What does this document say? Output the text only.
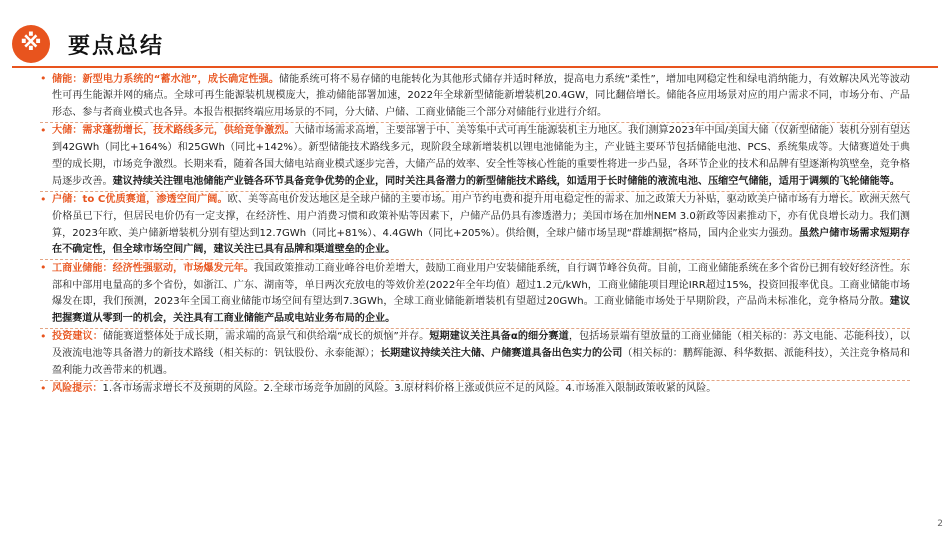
※	要点总结
• 储能：新型电力系统的“蓄水池”，成长确定性强。储能系统可将不易存储的电能转化为其他形式储存并适时释放，提高电力系统“柔性”，增加电网稳定性和绿电消纳能力，有效解决风光等波动性可再生能源并网的痛点。全球可再生能源装机规模庞大，推动储能部署加速，2022年全球新型储能新增装机20.4GW，同比翻倍增长。储能各应用场景对应的用户需求不同，市场分布、产品形态、参与者商业模式也各异。本报告根据终端应用场景的不同，分大储、户储、工商业储能三个部分对储能行业进行介绍。
• 大储：需求蓬勃增长，技术路线多元，供给竞争激烈。大储市场需求高增，主要部署于中、美等集中式可再生能源装机主力地区。我们测算2023年中国/美国大储（仅新型储能）装机分别有望达到42GWh（同比+164%）和25GWh（同比+142%）。新型储能技术路线多元，现阶段全球新增装机以锂电池储能为主，产业链主要环节包括储能电池、PCS、系统集成等。大储赛道处于典型的成长期，市场竞争激烈。长期来看，随着各国大储电站商业模式逐步完善，大储产品的效率、安全性等核心性能的重要性将进一步凸显，各环节企业的技术和品牌有望逐渐构筑壁垒，竞争格局逐步改善。建议持续关注锂电池储能产业链各环节具备竞争优势的企业，同时关注具备潜力的新型储能技术路线，如适用于长时储能的液流电池、压缩空气储能，适用于调频的飞轮储能等。
• 户储：to C优质赛道，渗透空间广阔。欧、美等高电价发达地区是全球户储的主要市场。用户节约电费和提升用电稳定性的需求、加之政策大力补贴，驱动欧美户储市场有力增长。欧洲天然气价格虽已下行，但居民电价仍有一定支撑，在经济性、用户消费习惯和政策补贴等因素下，户储产品仍具有渗透潜力；美国市场在加州NEM 3.0新政等因素推动下，亦有优良增长动力。我们测算，2023年欧、美户储新增装机分别有望达到12.7GWh（同比+81%）、4.4GWh（同比+205%）。供给侧，全球户储市场呈现“群雄割据”格局，国内企业实力强劲。虽然户储市场需求短期存在不确定性，但全球市场空间广阔，建议关注已具有品牌和渠道壁垒的企业。
• 工商业储能：经济性强驱动，市场爆发元年。我国政策推动工商业峰谷电价差增大，鼓励工商业用户安装储能系统，自行调节峰谷负荷。目前，工商业储能系统在多个省份已拥有较好经济性。东部和中部用电量高的多个省份，如浙江、广东、湖南等，单日两次充放电的等效价差(2022年全年均值）超过1.2元/kWh，工商业储能项目理论IRR超过15%，投资回报率优良。工商业储能市场爆发在即，我们预测，2023年全国工商业储能市场空间有望达到7.3GWh，全球工商业储能新增装机有望超过20GWh。工商业储能市场处于早期阶段，产品尚未标准化，竞争格局分散。建议把握赛道从零到一的机会，关注具有工商业储能产品或电站业务布局的企业。
• 投资建议：储能赛道整体处于成长期，需求端的高景气和供给端“成长的烦恼”并存。短期建议关注具备α的细分赛道，包括场景端有望放量的工商业储能（相关标的：苏文电能、芯能科技），以及液流电池等具备潜力的新技术路线（相关标的：钒钛股份、永泰能源）；长期建议持续关注大储、户储赛道具备出色实力的公司（相关标的：鹏辉能源、科华数据、派能科技），关注竞争格局和盈利能力改善带来的机遇。
• 风险提示：1.各市场需求增长不及预期的风险。2.全球市场竞争加剧的风险。3.原材料价格上涨或供应不足的风险。4.市场准入限制政策收紧的风险。
2
